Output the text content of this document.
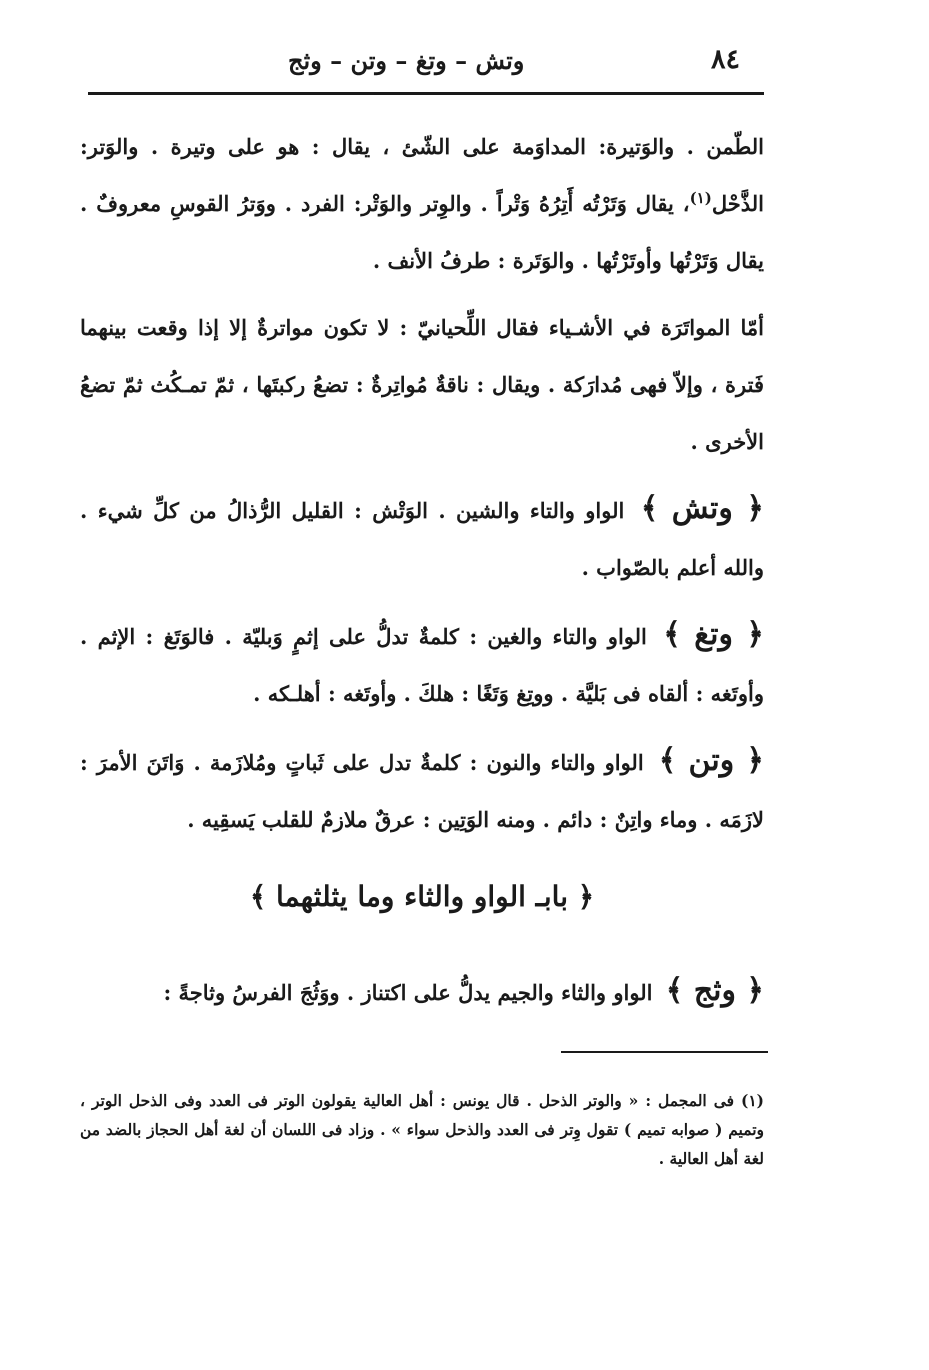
٨٤
وتش – وتغ – وتن – وثج

الطّمن . والوَتيرة: المداوَمة على الشّئ ، يقال : هو على وتيرة . والوَتر: الذَّحْل$^{(١)}$، يقال وَتَرْتُه أَتِرُهُ وَتْراً . والوِتر والوَتْر: الفرد . ووَترُ القوسِ معروفٌ . يقال وَتَرْتُها وأوتَرْتُها . والوَتَرة : طرفُ الأنف .

أمّا المواتَرَة في الأشـياء فقال اللِّحيانيّ : لا تكون مواترةٌ إلا إذا وقعت بينهما فَترة ، وإلاّ فهى مُدارَكة . ويقال : ناقةٌ مُواتِرةٌ : تضعُ ركبتَها ، ثمّ تمـكُث ثمّ تضعُ الأخرى .

﴿ وتش ﴾ الواو والتاء والشين . الوَتْش : القليل الرُّذالُ من كلِّ شيء . والله أعلم بالصّواب .

﴿ وتغ ﴾ الواو والتاء والغين : كلمةٌ تدلُّ على إثمٍ وَبليّة . فالوَتَغ : الإثم . وأوتَغه : ألقاه فى بَليَّة . ووتِغ وَتَغًا : هلكَ . وأوتَغه : أهلـكه .

﴿ وتن ﴾ الواو والتاء والنون : كلمةٌ تدل على ثَباتٍ ومُلازَمة . وَاتَنَ الأمرَ : لازَمَه . وماء واتِنٌ : دائم . ومنه الوَتِين : عرقٌ ملازمٌ للقلب يَسقِيه .

﴿ بابـ الواو والثاء وما يثلثهما ﴾

﴿ وثج ﴾ الواو والثاء والجيم يدلُّ على اكتناز . ووَثُجَ الفرسُ وثاجةً :

(١) فى المجمل : « والوتر الذحل . قال يونس : أهل العالية يقولون الوتر فى العدد وفى الذحل الوتر ، وتميم ( صوابه تميم ) تقول وِتر فى العدد والذحل سواء » . وزاد فى اللسان أن لغة أهل الحجاز بالضد من لغة أهل العالية .
